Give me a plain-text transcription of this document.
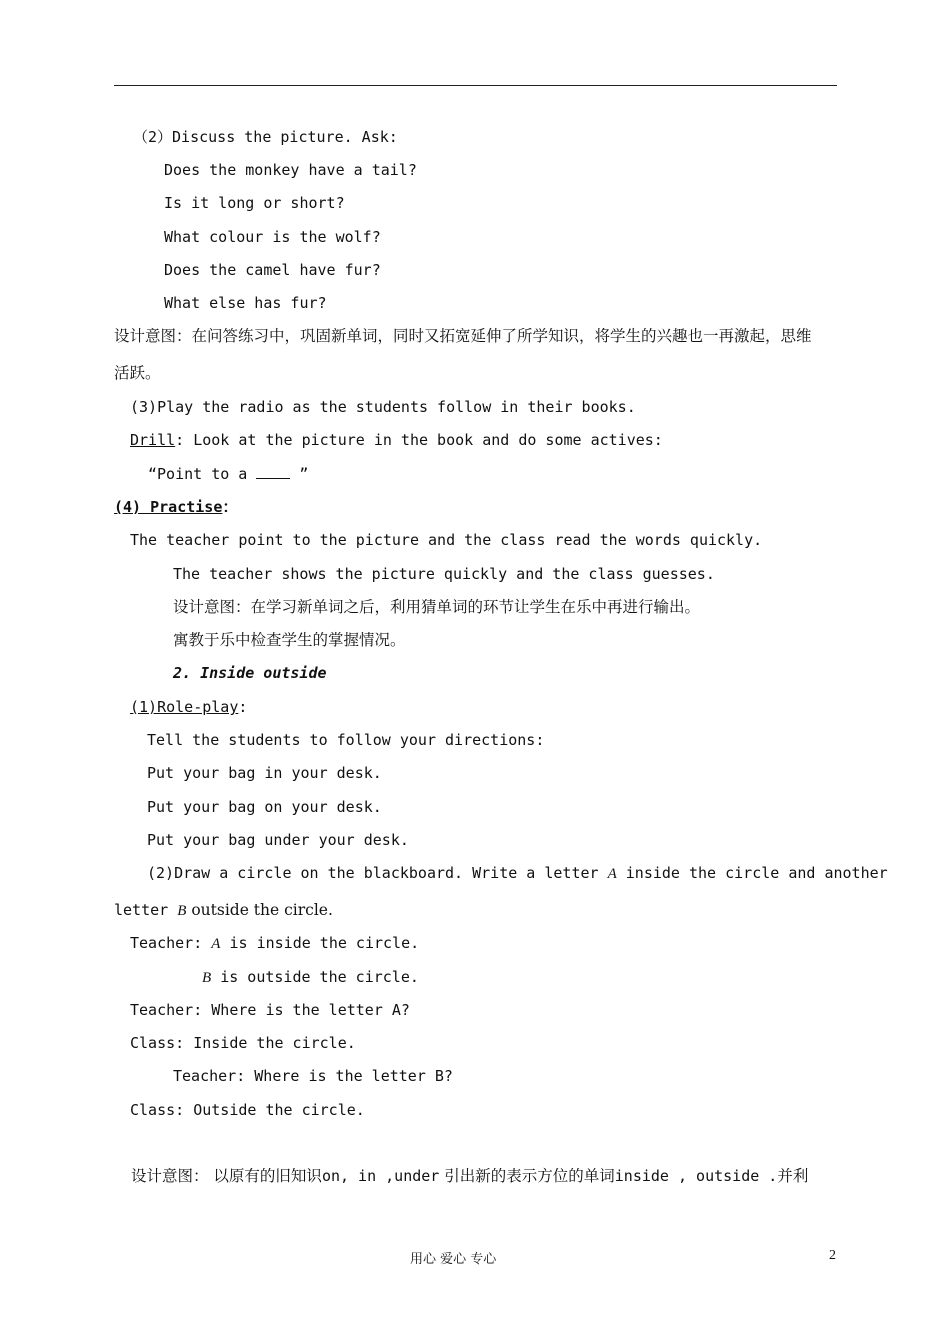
（2）Discuss the picture. Ask:
Does the monkey have a tail?
Is it long or short?
What colour is the wolf?
Does the camel have fur?
What else has fur?
设计意图：在问答练习中，巩固新单词，同时又拓宽延伸了所学知识，将学生的兴趣也一再激起，思维
活跃。
(3)Play the radio as the students follow in their books.
Drill: Look at the picture in the book and do some actives:
“Point to a  ”
(4) Practise：
The teacher point to the picture and the class read the words quickly.
The teacher shows the picture quickly and the class guesses.
设计意图：在学习新单词之后，利用猜单词的环节让学生在乐中再进行输出。
寓教于乐中检查学生的掌握情况。
2. Inside outside
(1)Role-play:
Tell the students to follow your directions:
Put your bag in your desk.
Put your bag on your desk.
Put your bag under your desk.
(2)Draw a circle on the blackboard. Write a letter A inside the circle and another
letter B outside the circle.
Teacher: A is inside the circle.
B is outside the circle.
Teacher: Where is the letter A?
Class: Inside the circle.
Teacher: Where is the letter B?
Class: Outside the circle.
设计意图： 以原有的旧知识on, in ,under 引出新的表示方位的单词inside , outside .并利
用心 爱心 专心	2
